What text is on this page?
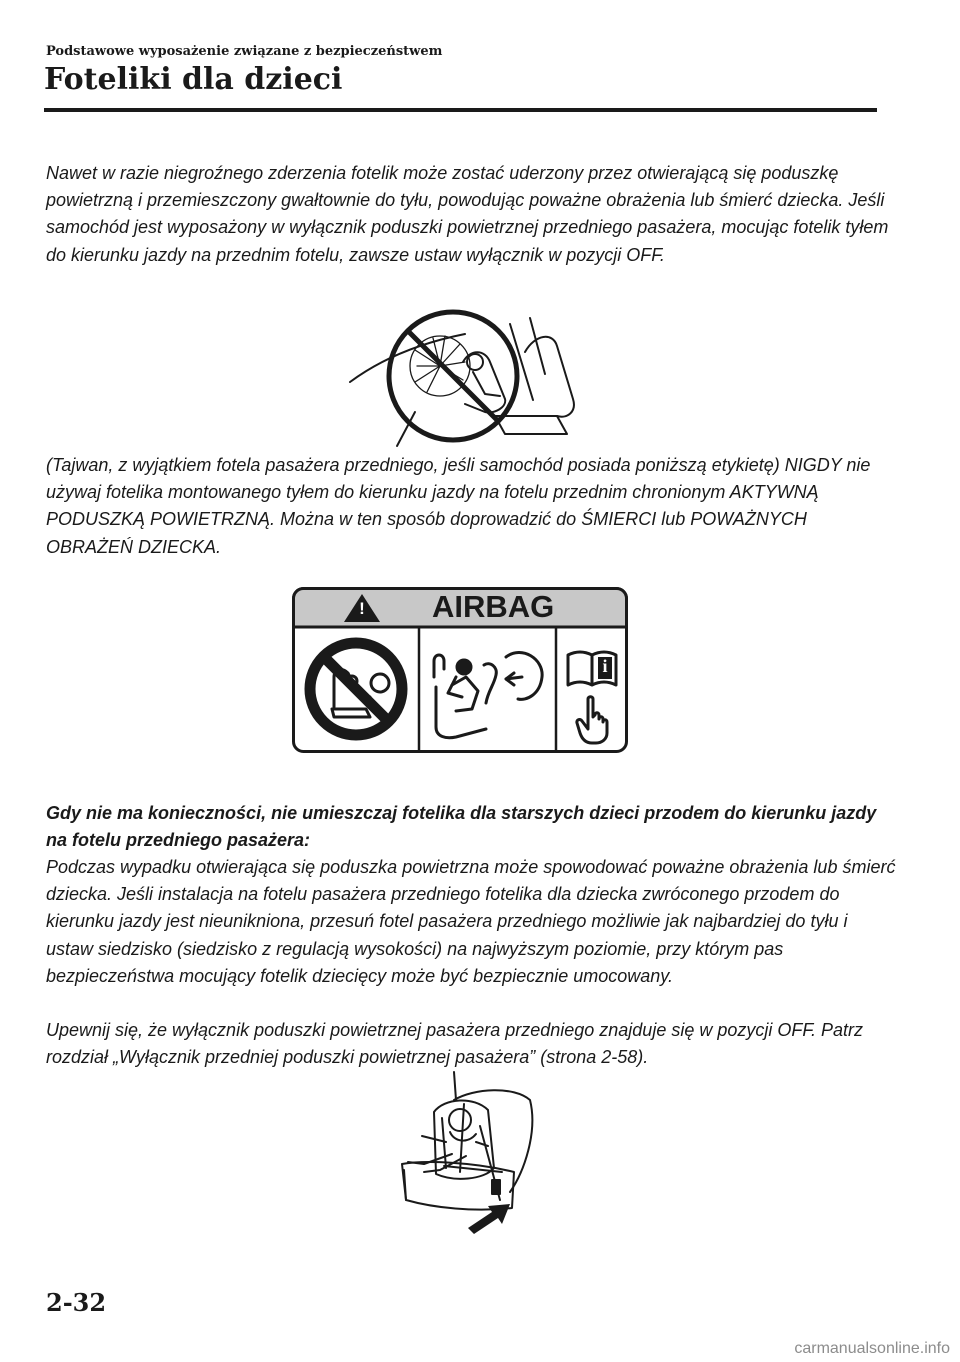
Podstawowe wyposażenie związane z bezpieczeństwem
Foteliki dla dzieci

Nawet w razie niegroźnego zderzenia fotelik może zostać uderzony przez otwierającą się poduszkę powietrzną i przemieszczony gwałtownie do tyłu, powodując poważne obrażenia lub śmierć dziecka. Jeśli samochód jest wyposażony w wyłącznik poduszki powietrznej przedniego pasażera, mocując fotelik tyłem do kierunku jazdy na przednim fotelu, zawsze ustaw wyłącznik w pozycji OFF.

(Tajwan, z wyjątkiem fotela pasażera przedniego, jeśli samochód posiada poniższą etykietę) NIGDY nie używaj fotelika montowanego tyłem do kierunku jazdy na fotelu przednim chronionym AKTYWNĄ PODUSZKĄ POWIETRZNĄ. Można w ten sposób doprowadzić do ŚMIERCI lub POWAŻNYCH OBRAŻEŃ DZIECKA.

! AIRBAG
i

Gdy nie ma konieczności, nie umieszczaj fotelika dla starszych dzieci przodem do kierunku jazdy na fotelu przedniego pasażera:

Podczas wypadku otwierająca się poduszka powietrzna może spowodować poważne obrażenia lub śmierć dziecka. Jeśli instalacja na fotelu pasażera przedniego fotelika dla dziecka zwróconego przodem do kierunku jazdy jest nieunikniona, przesuń fotel pasażera przedniego możliwie jak najbardziej do tyłu i ustaw siedzisko (siedzisko z regulacją wysokości) na najwyższym poziomie, przy którym pas bezpieczeństwa mocujący fotelik dziecięcy może być bezpiecznie umocowany.

Upewnij się, że wyłącznik poduszki powietrznej pasażera przedniego znajduje się w pozycji OFF. Patrz rozdział „Wyłącznik przedniej poduszki powietrznej pasażera” (strona 2-58).

2-32
carmanualsonline.info
